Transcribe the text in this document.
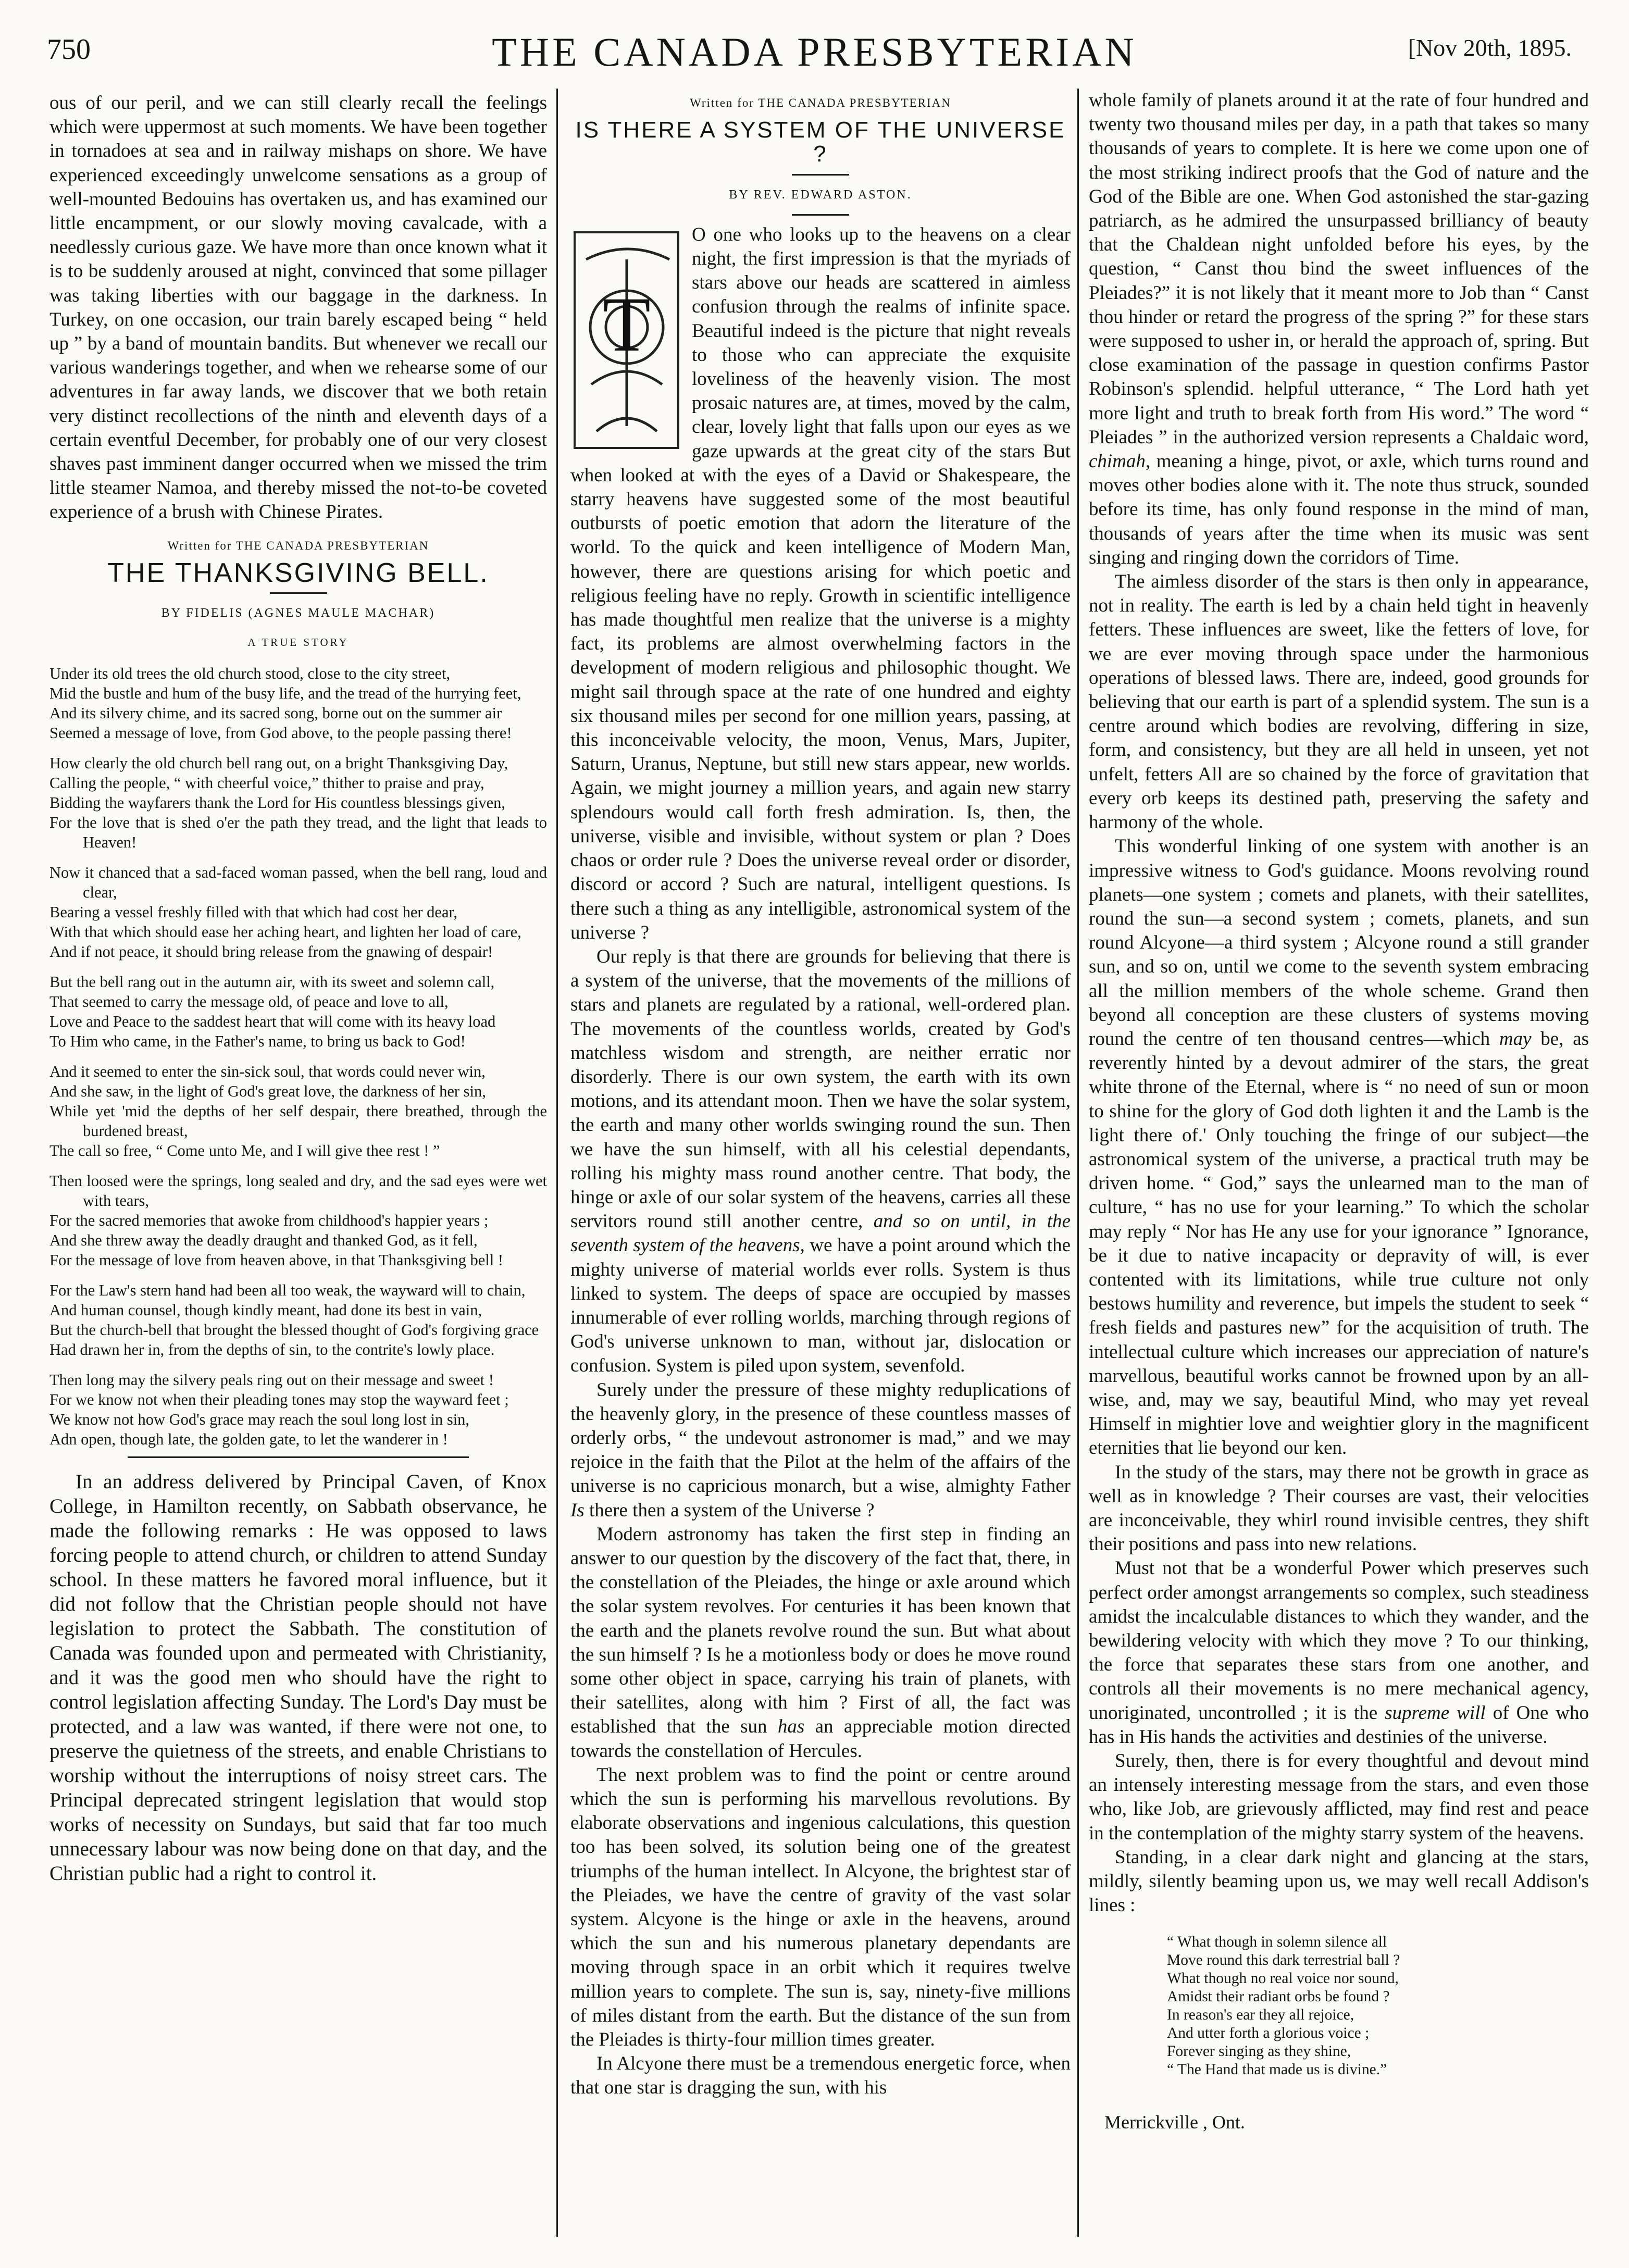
750	THE CANADA PRESBYTERIAN	[Nov 20th, 1895.

ous of our peril, and we can still clearly recall the feelings which were uppermost at such moments. We have been together in tornadoes at sea and in railway mishaps on shore. We have experienced exceedingly unwelcome sensations as a group of well-mounted Bedouins has overtaken us, and has examined our little encampment, or our slowly moving cavalcade, with a needlessly curious gaze. We have more than once known what it is to be suddenly aroused at night, convinced that some pillager was taking liberties with our baggage in the darkness. In Turkey, on one occasion, our train barely escaped being “ held up ” by a band of mountain bandits. But whenever we recall our various wanderings together, and when we rehearse some of our adventures in far away lands, we discover that we both retain very distinct recollections of the ninth and eleventh days of a certain eventful December, for probably one of our very closest shaves past imminent danger occurred when we missed the trim little steamer Namoa, and thereby missed the not-to-be coveted experience of a brush with Chinese Pirates.

Written for THE CANADA PRESBYTERIAN
THE THANKSGIVING BELL.
BY FIDELIS (AGNES MAULE MACHAR)
A TRUE STORY
Under its old trees the old church stood, close to the city street,
Mid the bustle and hum of the busy life, and the tread of the hurrying feet,
And its silvery chime, and its sacred song, borne out on the summer air
Seemed a message of love, from God above, to the people passing there!
How clearly the old church bell rang out, on a bright Thanksgiving Day,
Calling the people, “ with cheerful voice,” thither to praise and pray,
Bidding the wayfarers thank the Lord for His countless blessings given,
For the love that is shed o'er the path they tread, and the light that leads to Heaven!
Now it chanced that a sad-faced woman passed, when the bell rang, loud and clear,
Bearing a vessel freshly filled with that which had cost her dear,
With that which should ease her aching heart, and lighten her load of care,
And if not peace, it should bring release from the gnawing of despair!
But the bell rang out in the autumn air, with its sweet and solemn call,
That seemed to carry the message old, of peace and love to all,
Love and Peace to the saddest heart that will come with its heavy load
To Him who came, in the Father's name, to bring us back to God!
And it seemed to enter the sin-sick soul, that words could never win,
And she saw, in the light of God's great love, the darkness of her sin,
While yet 'mid the depths of her self despair, there breathed, through the burdened breast,
The call so free, “ Come unto Me, and I will give thee rest ! ”
Then loosed were the springs, long sealed and dry, and the sad eyes were wet with tears,
For the sacred memories that awoke from childhood's happier years ;
And she threw away the deadly draught and thanked God, as it fell,
For the message of love from heaven above, in that Thanksgiving bell !
For the Law's stern hand had been all too weak, the wayward will to chain,
And human counsel, though kindly meant, had done its best in vain,
But the church-bell that brought the blessed thought of God's forgiving grace
Had drawn her in, from the depths of sin, to the contrite's lowly place.
Then long may the silvery peals ring out on their message and sweet !
For we know not when their pleading tones may stop the wayward feet ;
We know not how God's grace may reach the soul long lost in sin,
Adn open, though late, the golden gate, to let the wanderer in !

In an address delivered by Principal Caven, of Knox College, in Hamilton recently, on Sabbath observance, he made the following remarks : He was opposed to laws forcing people to attend church, or children to attend Sunday school. In these matters he favored moral influence, but it did not follow that the Christian people should not have legislation to protect the Sabbath. The constitution of Canada was founded upon and permeated with Christianity, and it was the good men who should have the right to control legislation affecting Sunday. The Lord's Day must be protected, and a law was wanted, if there were not one, to preserve the quietness of the streets, and enable Christians to worship without the interruptions of noisy street cars. The Principal deprecated stringent legislation that would stop works of necessity on Sundays, but said that far too much unnecessary labour was now being done on that day, and the Christian public had a right to control it.

Written for THE CANADA PRESBYTERIAN
IS THERE A SYSTEM OF THE UNIVERSE ?
BY REV. EDWARD ASTON.
T

O one who looks up to the heavens on a clear night, the first impression is that the myriads of stars above our heads are scattered in aimless confusion through the realms of infinite space. Beautiful indeed is the picture that night reveals to those who can appreciate the exquisite loveliness of the heavenly vision. The most prosaic natures are, at times, moved by the calm, clear, lovely light that falls upon our eyes as we gaze upwards at the great city of the stars But when looked at with the eyes of a David or Shakespeare, the starry heavens have suggested some of the most beautiful outbursts of poetic emotion that adorn the literature of the world. To the quick and keen intelligence of Modern Man, however, there are questions arising for which poetic and religious feeling have no reply. Growth in scientific intelligence has made thoughtful men realize that the universe is a mighty fact, its problems are almost overwhelming factors in the development of modern religious and philosophic thought. We might sail through space at the rate of one hundred and eighty six thousand miles per second for one million years, passing, at this inconceivable velocity, the moon, Venus, Mars, Jupiter, Saturn, Uranus, Neptune, but still new stars appear, new worlds. Again, we might journey a million years, and again new starry splendours would call forth fresh admiration. Is, then, the universe, visible and invisible, without system or plan ? Does chaos or order rule ? Does the universe reveal order or disorder, discord or accord ? Such are natural, intelligent questions. Is there such a thing as any intelligible, astronomical system of the universe ?

Our reply is that there are grounds for believing that there is a system of the universe, that the movements of the millions of stars and planets are regulated by a rational, well-ordered plan. The movements of the countless worlds, created by God's matchless wisdom and strength, are neither erratic nor disorderly. There is our own system, the earth with its own motions, and its attendant moon. Then we have the solar system, the earth and many other worlds swinging round the sun. Then we have the sun himself, with all his celestial dependants, rolling his mighty mass round another centre. That body, the hinge or axle of our solar system of the heavens, carries all these servitors round still another centre, and so on until, in the seventh system of the heavens, we have a point around which the mighty universe of material worlds ever rolls. System is thus linked to system. The deeps of space are occupied by masses innumerable of ever rolling worlds, marching through regions of God's universe unknown to man, without jar, dislocation or confusion. System is piled upon system, sevenfold.

Surely under the pressure of these mighty reduplications of the heavenly glory, in the presence of these countless masses of orderly orbs, “ the undevout astronomer is mad,” and we may rejoice in the faith that the Pilot at the helm of the affairs of the universe is no capricious monarch, but a wise, almighty Father Is there then a system of the Universe ?

Modern astronomy has taken the first step in finding an answer to our question by the discovery of the fact that, there, in the constellation of the Pleiades, the hinge or axle around which the solar system revolves. For centuries it has been known that the earth and the planets revolve round the sun. But what about the sun himself ? Is he a motionless body or does he move round some other object in space, carrying his train of planets, with their satellites, along with him ? First of all, the fact was established that the sun has an appreciable motion directed towards the constellation of Hercules.

The next problem was to find the point or centre around which the sun is performing his marvellous revolutions. By elaborate observations and ingenious calculations, this question too has been solved, its solution being one of the greatest triumphs of the human intellect. In Alcyone, the brightest star of the Pleiades, we have the centre of gravity of the vast solar system. Alcyone is the hinge or axle in the heavens, around which the sun and his numerous planetary dependants are moving through space in an orbit which it requires twelve million years to complete. The sun is, say, ninety-five millions of miles distant from the earth. But the distance of the sun from the Pleiades is thirty-four million times greater.

In Alcyone there must be a tremendous energetic force, when that one star is dragging the sun, with his

whole family of planets around it at the rate of four hundred and twenty two thousand miles per day, in a path that takes so many thousands of years to complete. It is here we come upon one of the most striking indirect proofs that the God of nature and the God of the Bible are one. When God astonished the star-gazing patriarch, as he admired the unsurpassed brilliancy of beauty that the Chaldean night unfolded before his eyes, by the question, “ Canst thou bind the sweet influences of the Pleiades?” it is not likely that it meant more to Job than “ Canst thou hinder or retard the progress of the spring ?” for these stars were supposed to usher in, or herald the approach of, spring. But close examination of the passage in question confirms Pastor Robinson's splendid. helpful utterance, “ The Lord hath yet more light and truth to break forth from His word.” The word “ Pleiades ” in the authorized version represents a Chaldaic word, chimah, meaning a hinge, pivot, or axle, which turns round and moves other bodies alone with it. The note thus struck, sounded before its time, has only found response in the mind of man, thousands of years after the time when its music was sent singing and ringing down the corridors of Time.

The aimless disorder of the stars is then only in appearance, not in reality. The earth is led by a chain held tight in heavenly fetters. These influences are sweet, like the fetters of love, for we are ever moving through space under the harmonious operations of blessed laws. There are, indeed, good grounds for believing that our earth is part of a splendid system. The sun is a centre around which bodies are revolving, differing in size, form, and consistency, but they are all held in unseen, yet not unfelt, fetters All are so chained by the force of gravitation that every orb keeps its destined path, preserving the safety and harmony of the whole.

This wonderful linking of one system with another is an impressive witness to God's guidance. Moons revolving round planets—one system ; comets and planets, with their satellites, round the sun—a second system ; comets, planets, and sun round Alcyone—a third system ; Alcyone round a still grander sun, and so on, until we come to the seventh system embracing all the million members of the whole scheme. Grand then beyond all conception are these clusters of systems moving round the centre of ten thousand centres—which may be, as reverently hinted by a devout admirer of the stars, the great white throne of the Eternal, where is “ no need of sun or moon to shine for the glory of God doth lighten it and the Lamb is the light there of.' Only touching the fringe of our subject—the astronomical system of the universe, a practical truth may be driven home. “ God,” says the unlearned man to the man of culture, “ has no use for your learning.” To which the scholar may reply “ Nor has He any use for your ignorance ” Ignorance, be it due to native incapacity or depravity of will, is ever contented with its limitations, while true culture not only bestows humility and reverence, but impels the student to seek “ fresh fields and pastures new” for the acquisition of truth. The intellectual culture which increases our appreciation of nature's marvellous, beautiful works cannot be frowned upon by an all-wise, and, may we say, beautiful Mind, who may yet reveal Himself in mightier love and weightier glory in the magnificent eternities that lie beyond our ken.

In the study of the stars, may there not be growth in grace as well as in knowledge ? Their courses are vast, their velocities are inconceivable, they whirl round invisible centres, they shift their positions and pass into new relations.

Must not that be a wonderful Power which preserves such perfect order amongst arrangements so complex, such steadiness amidst the incalculable distances to which they wander, and the bewildering velocity with which they move ? To our thinking, the force that separates these stars from one another, and controls all their movements is no mere mechanical agency, unoriginated, uncontrolled ; it is the supreme will of One who has in His hands the activities and destinies of the universe.

Surely, then, there is for every thoughtful and devout mind an intensely interesting message from the stars, and even those who, like Job, are grievously afflicted, may find rest and peace in the contemplation of the mighty starry system of the heavens.

Standing, in a clear dark night and glancing at the stars, mildly, silently beaming upon us, we may well recall Addison's lines :

“ What though in solemn silence all
Move round this dark terrestrial ball ?
What though no real voice nor sound,
Amidst their radiant orbs be found ?
In reason's ear they all rejoice,
And utter forth a glorious voice ;
Forever singing as they shine,
“ The Hand that made us is divine.”
Merrickville , Ont.
